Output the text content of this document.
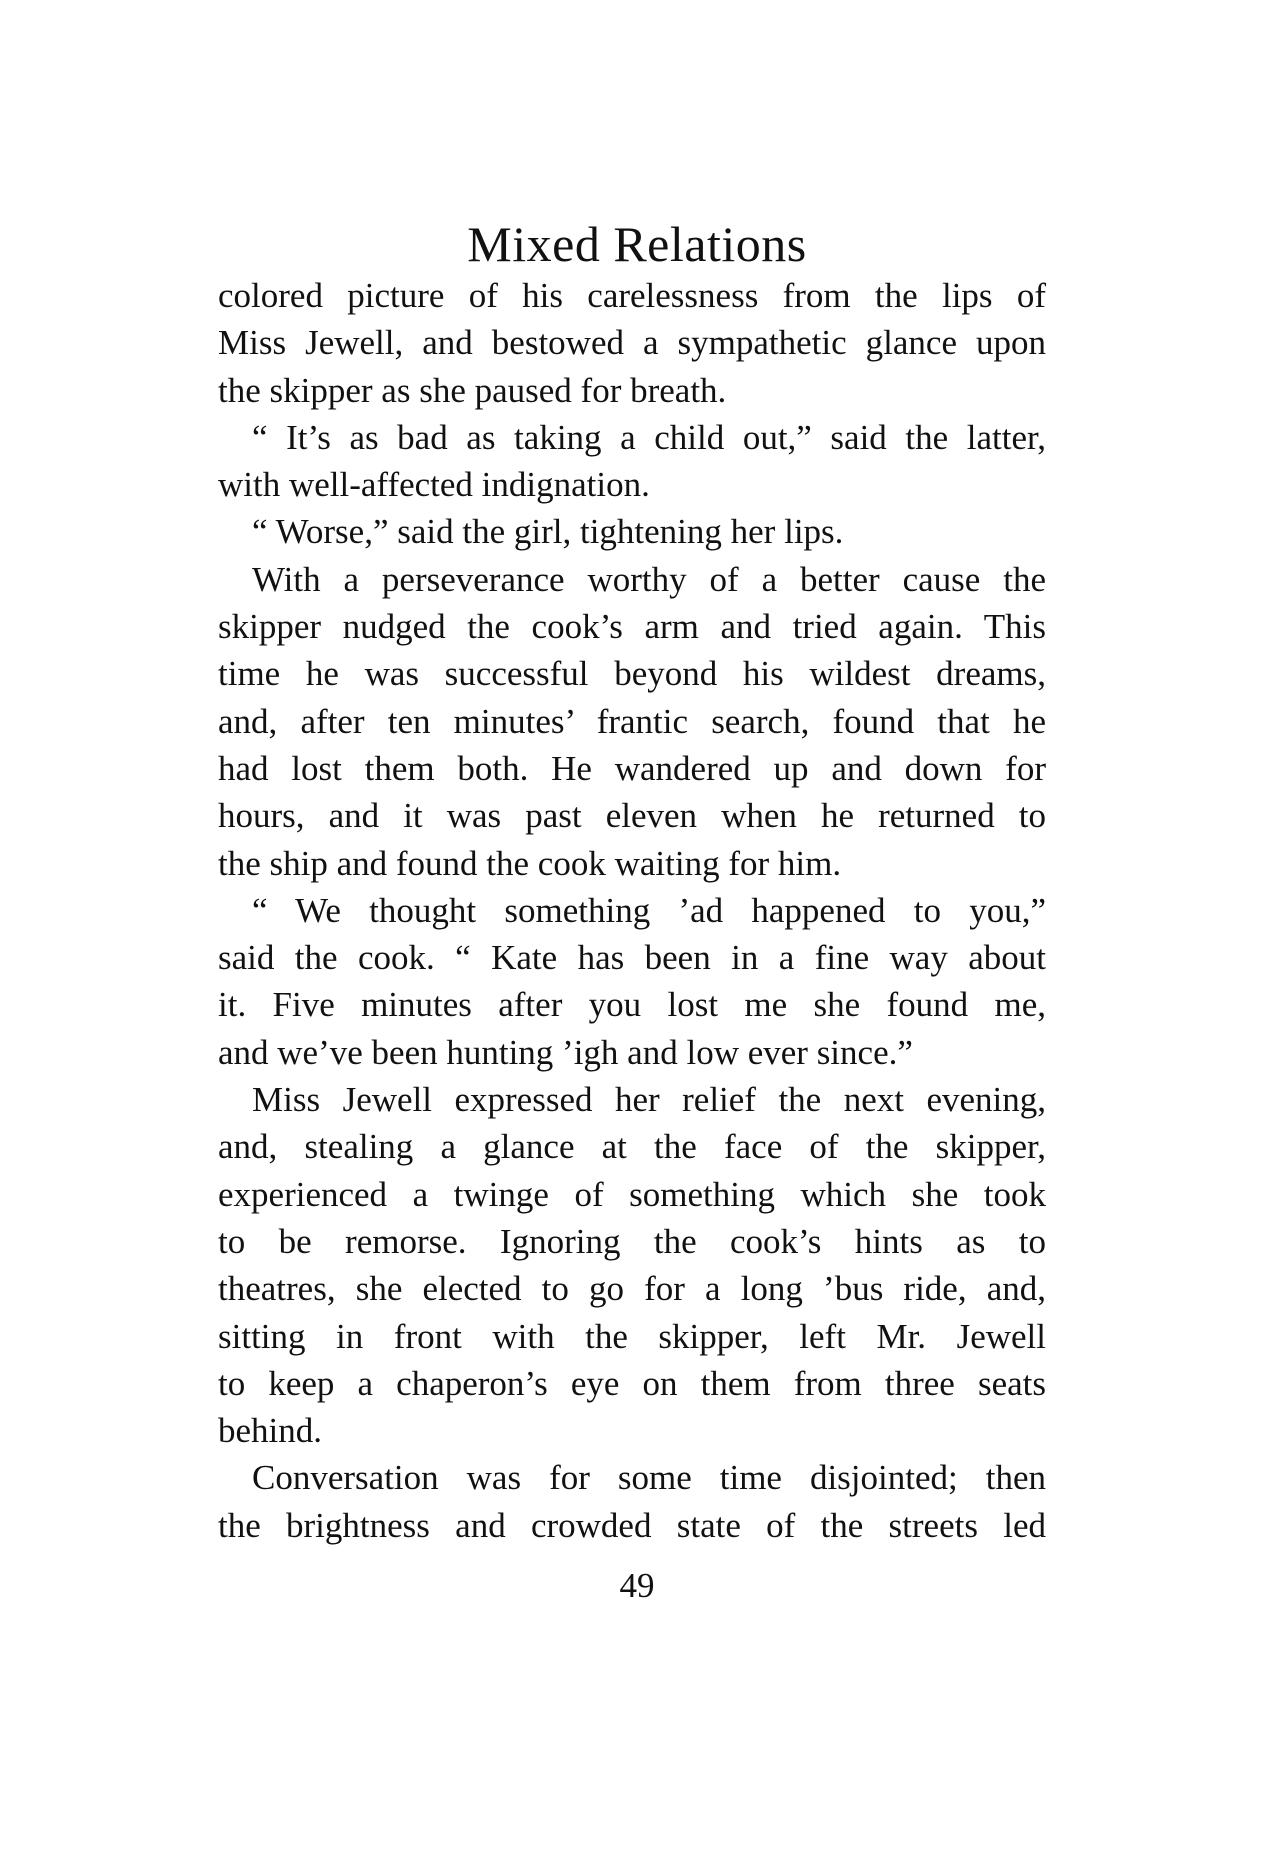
Mixed Relations
colored picture of his carelessness from the lips of
Miss Jewell, and bestowed a sympathetic glance upon
the skipper as she paused for breath.
“ It’s as bad as taking a child out,” said the latter,
with well-affected indignation.
“ Worse,” said the girl, tightening her lips.
With a perseverance worthy of a better cause the
skipper nudged the cook’s arm and tried again. This
time he was successful beyond his wildest dreams,
and, after ten minutes’ frantic search, found that he
had lost them both. He wandered up and down for
hours, and it was past eleven when he returned to
the ship and found the cook waiting for him.
“ We thought something ’ad happened to you,”
said the cook. “ Kate has been in a fine way about
it. Five minutes after you lost me she found me,
and we’ve been hunting ’igh and low ever since.”
Miss Jewell expressed her relief the next evening,
and, stealing a glance at the face of the skipper,
experienced a twinge of something which she took
to be remorse. Ignoring the cook’s hints as to
theatres, she elected to go for a long ’bus ride, and,
sitting in front with the skipper, left Mr. Jewell
to keep a chaperon’s eye on them from three seats
behind.
Conversation was for some time disjointed; then
the brightness and crowded state of the streets led
49
